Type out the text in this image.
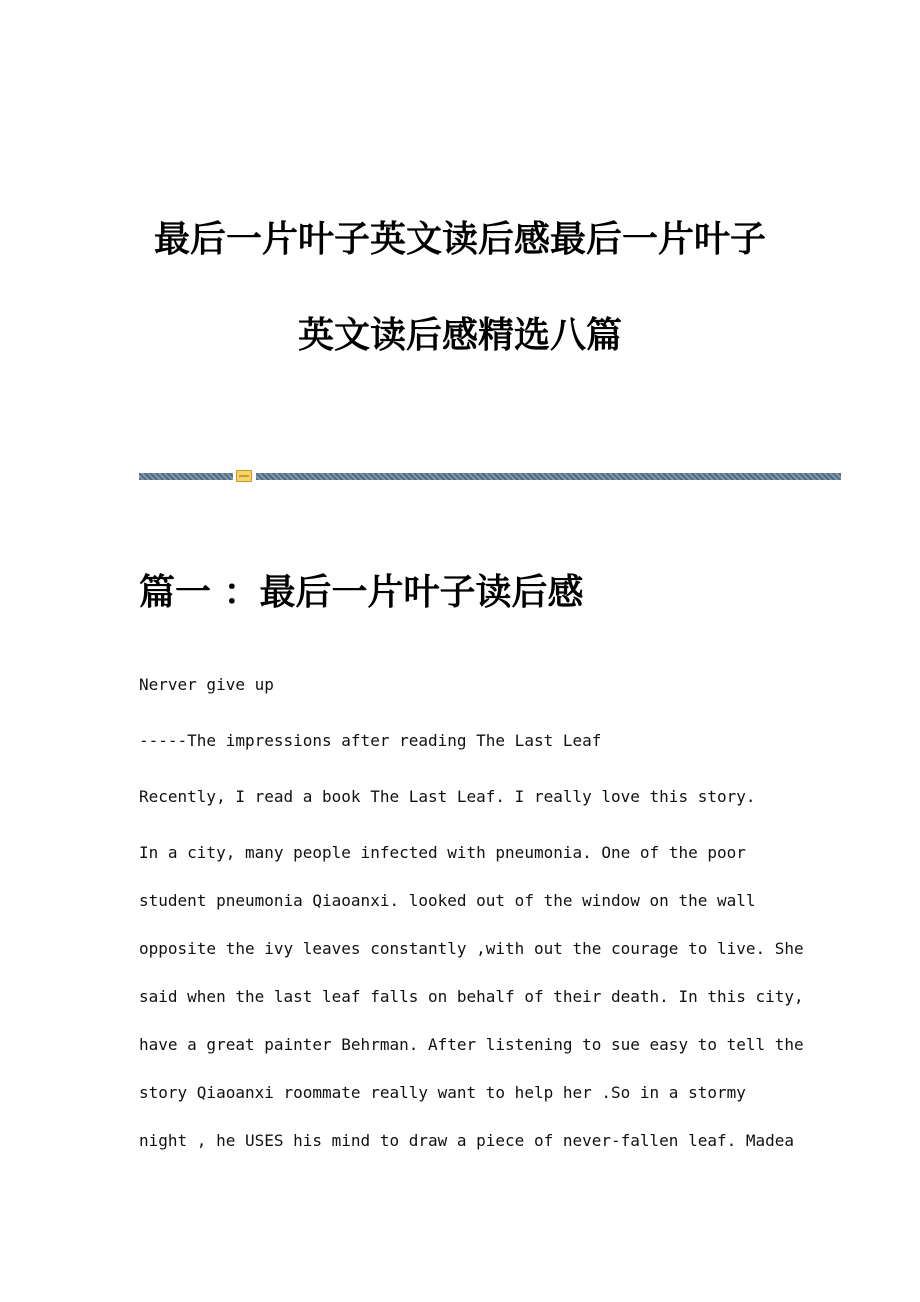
最后一片叶子英文读后感最后一片叶子
英文读后感精选八篇
篇一 ：最后一片叶子读后感
Nerver give up
-----The impressions after reading The Last Leaf
Recently, I read a book The Last Leaf. I really love this story.
In a city, many people infected with pneumonia. One of the poor
student pneumonia Qiaoanxi. looked out of the window on the wall
opposite the ivy leaves constantly ,with out the courage to live. She
said when the last leaf falls on behalf of their death. In this city,
have a great painter Behrman. After listening to sue easy to tell the
story Qiaoanxi roommate really want to help her .So in a stormy
night , he USES his mind to draw a piece of never-fallen leaf. Madea
